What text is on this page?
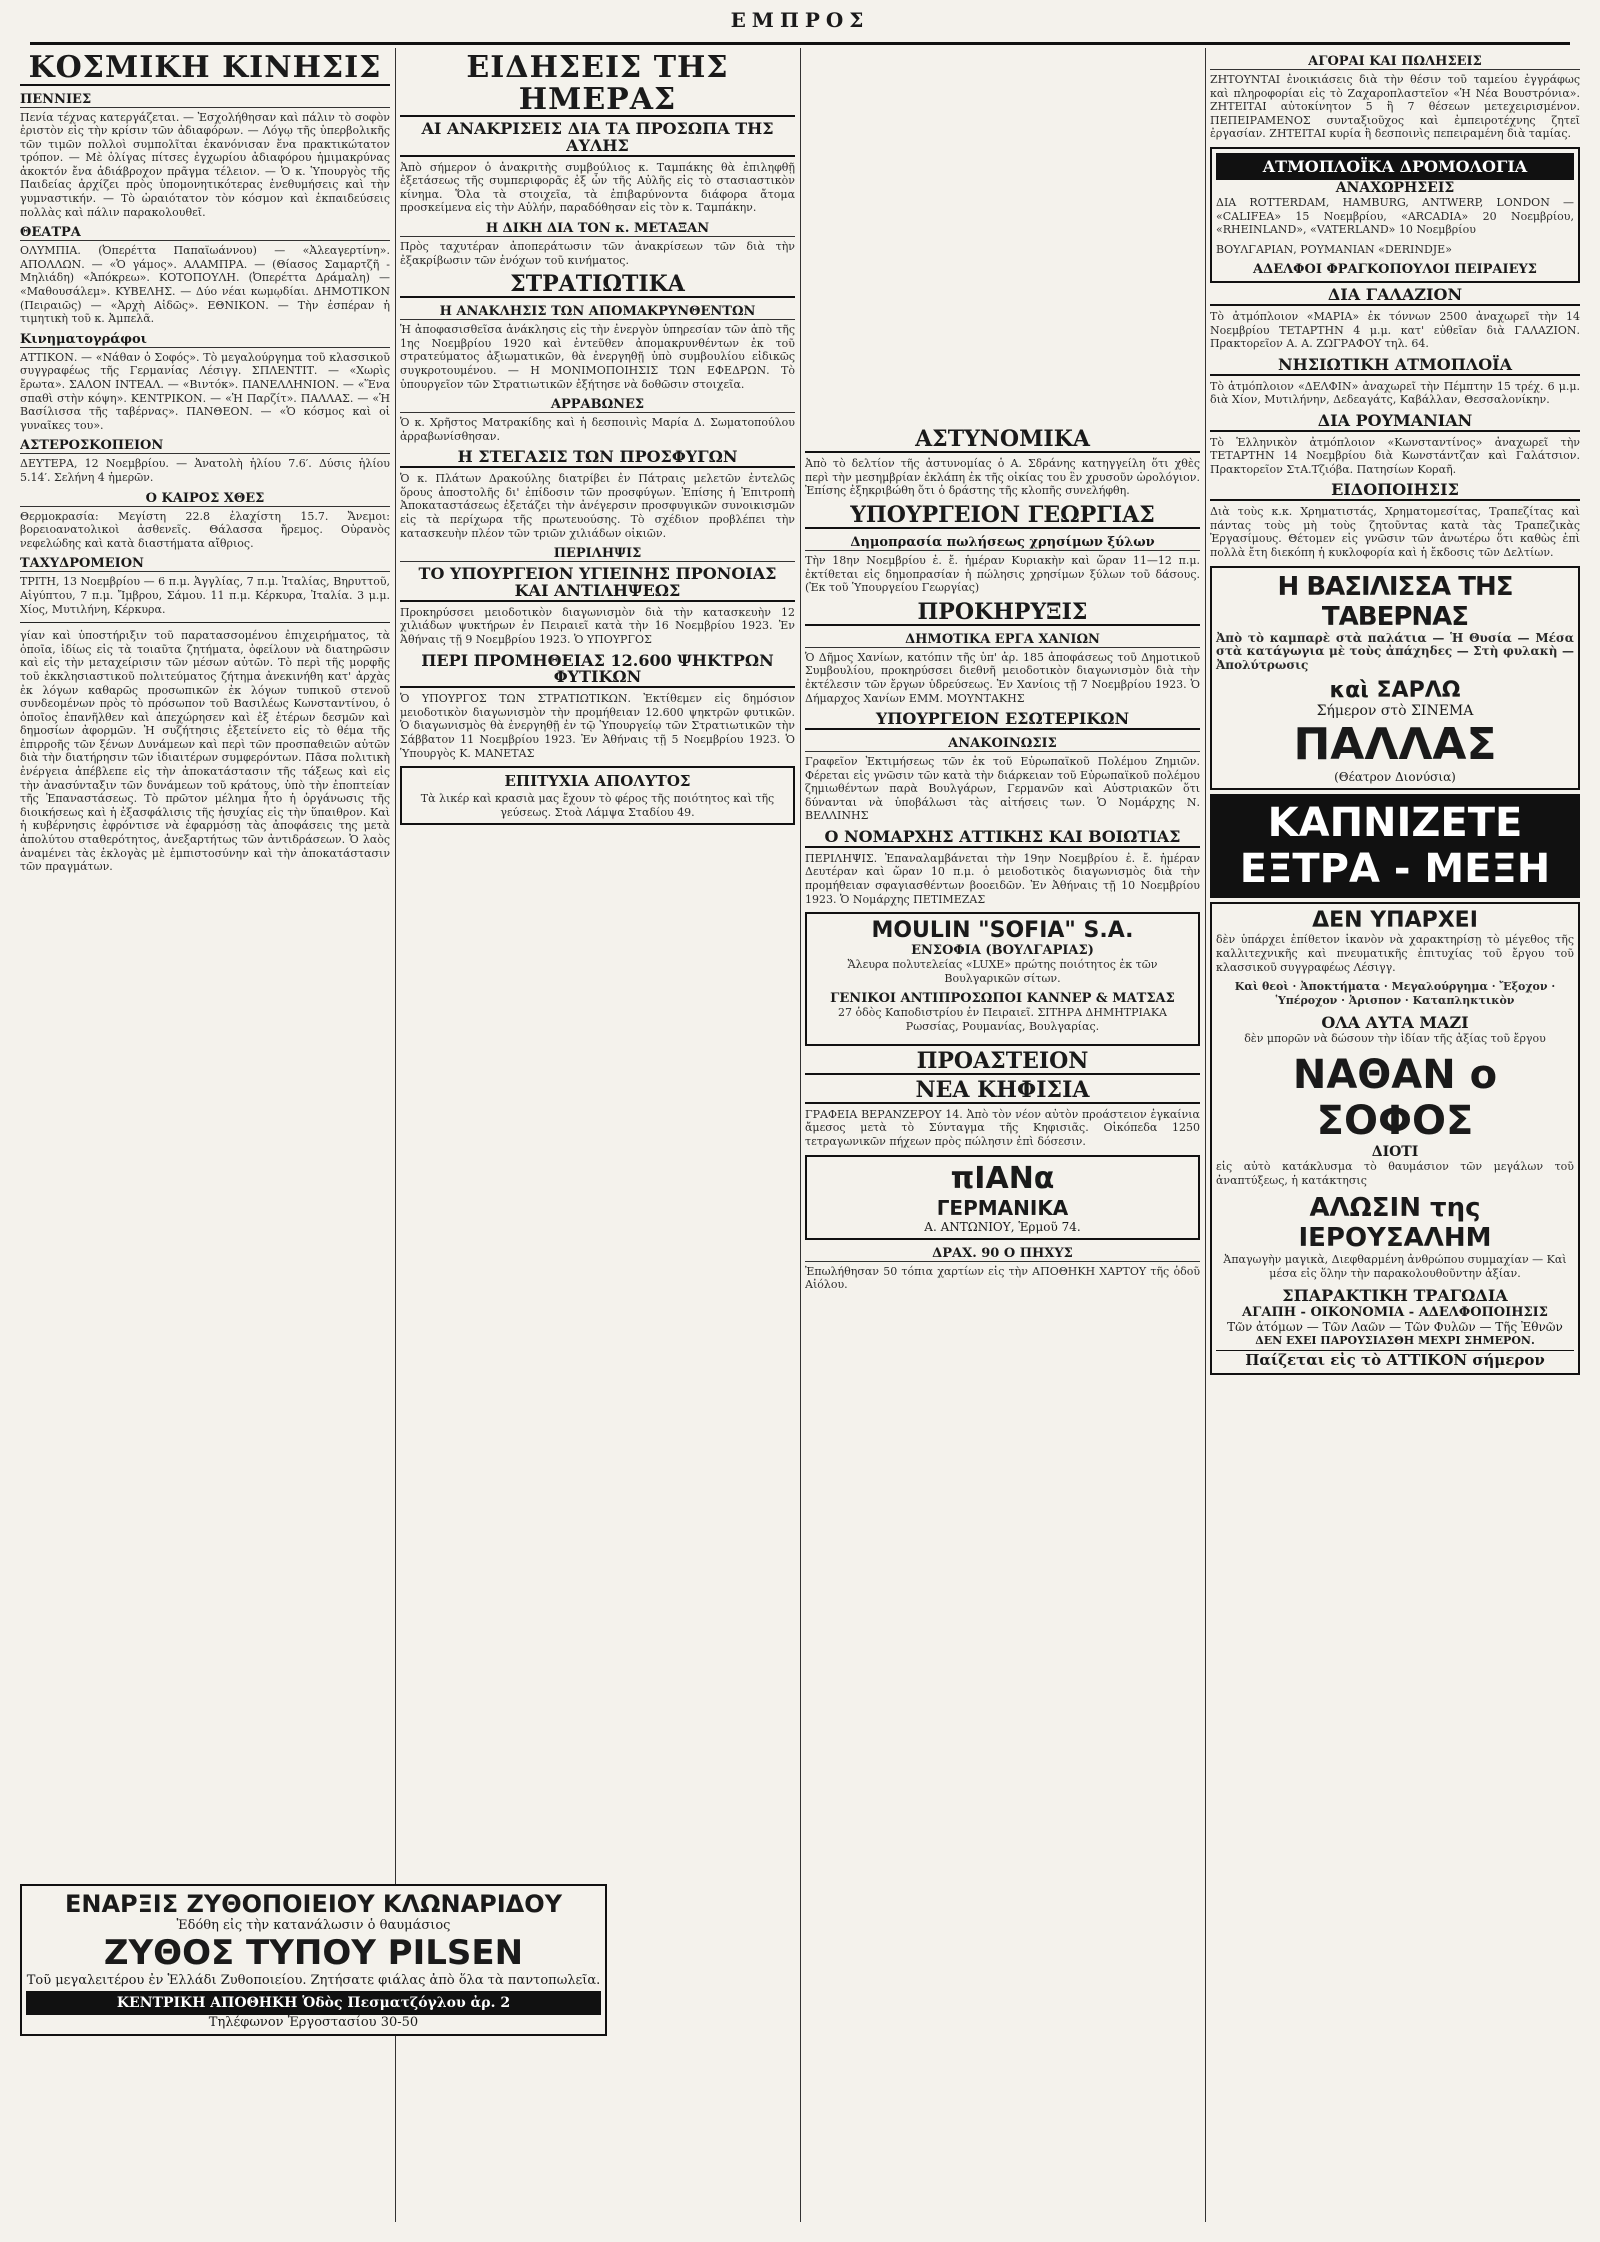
ΕΜΠΡΟΣ
ΚΟΣΜΙΚΗ ΚΙΝΗΣΙΣ
ΠΕΝΝΙΕΣ

Πενία τέχνας κατεργάζεται. — Ἐσχολήθησαν καὶ πάλιν τὸ σοφὸν ἐριστὸν εἰς τὴν κρίσιν τῶν ἀδιαφόρων. — Λόγῳ τῆς ὑπερβολικῆς τῶν τιμῶν πολλοὶ συμπολῖται ἐκανόνισαν ἕνα πρακτικώτατον τρόπον. — Μὲ ὀλίγας πίτσες ἐγχωρίου ἀδιαφόρου ἡμιμακρύνας ἀκοκτόν ἔνα ἀδιάβροχον πρᾶγμα τέλειον. — Ὁ κ. Ὑπουργὸς τῆς Παιδείας ἀρχίζει πρὸς ὑπομονητικότερας ἐνεθυμήσεις καὶ τὴν γυμναστικήν. — Τὸ ὡραιότατον τὸν κόσμον καὶ ἐκπαιδεύσεις πολλὰς καὶ πάλιν παρακολουθεῖ.

ΘΕΑΤΡΑ

ΟΛΥΜΠΙΑ. (Ὀπερέττα Παπαϊωάννου) — «Ἀλεαγερτίνη». ΑΠΟΛΛΩΝ. — «Ὁ γάμος». ΑΛΑΜΠΡΑ. — (Θίασος Σαμαρτζῆ - Μηλιάδη) «Ἀπόκρεω». ΚΟΤΟΠΟΥΛΗ. (Ὀπερέττα Δράμαλη) — «Μαθουσάλεμ». ΚΥΒΕΛΗΣ. — Δύο νέαι κωμῳδίαι. ΔΗΜΟΤΙΚΟΝ (Πειραιῶς) — «Ἀρχὴ Αἰδῶς». ΕΘΝΙΚΟΝ. — Τὴν ἐσπέραν ἡ τιμητικὴ τοῦ κ. Ἀμπελᾶ.

Κινηματογράφοι

ΑΤΤΙΚΟΝ. — «Νάθαν ὁ Σοφός». Τὸ μεγαλούργημα τοῦ κλασσικοῦ συγγραφέως τῆς Γερμανίας Λέσιγγ. ΣΠΛΕΝΤΙΤ. — «Χωρὶς ἔρωτα». ΣΑΛΟΝ ΙΝΤΕΑΛ. — «Βιντόκ». ΠΑΝΕΛΛΗΝΙΟΝ. — «Ἕνα σπαθὶ στὴν κόψη». ΚΕΝΤΡΙΚΟΝ. — «Ἡ Παρζίτ». ΠΑΛΛΑΣ. — «Ἡ Βασίλισσα τῆς ταβέρνας». ΠΑΝΘΕΟΝ. — «Ὁ κόσμος καὶ οἱ γυναῖκες του».

ΑΣΤΕΡΟΣΚΟΠΕΙΟΝ

ΔΕΥΤΕΡΑ, 12 Νοεμβρίου. — Ἀνατολὴ ἡλίου 7.6′. Δύσις ἡλίου 5.14′. Σελήνη 4 ἡμερῶν.

Ο ΚΑΙΡΟΣ ΧΘΕΣ

Θερμοκρασία: Μεγίστη 22.8 ἐλαχίστη 15.7. Ἄνεμοι: βορειοανατολικοὶ ἀσθενεῖς. Θάλασσα ἤρεμος. Οὐρανὸς νεφελώδης καὶ κατὰ διαστήματα αἴθριος.

ΤΑΧΥΔΡΟΜΕΙΟΝ

ΤΡΙΤΗ, 13 Νοεμβρίου — 6 π.μ. Ἀγγλίας, 7 π.μ. Ἰταλίας, Βηρυττοῦ, Αἰγύπτου, 7 π.μ. Ἴμβρου, Σάμου. 11 π.μ. Κέρκυρα, Ἰταλία. 3 μ.μ. Χίος, Μυτιλήνη, Κέρκυρα.

γίαν καὶ ὑποστήριξιν τοῦ παρατασσομένου ἐπιχειρήματος, τὰ ὁποῖα, ἰδίως εἰς τὰ τοιαῦτα ζητήματα, ὀφείλουν νὰ διατηρῶσιν καὶ εἰς τὴν μεταχείρισιν τῶν μέσων αὐτῶν. Τὸ περὶ τῆς μορφῆς τοῦ ἐκκλησιαστικοῦ πολιτεύματος ζήτημα ἀνεκινήθη κατ' ἀρχὰς ἐκ λόγων καθαρῶς προσωπικῶν ἐκ λόγων τυπικοῦ στενοῦ συνδεομένων πρὸς τὸ πρόσωπον τοῦ Βασιλέως Κωνσταντίνου, ὁ ὁποῖος ἐπανῆλθεν καὶ ἀπεχώρησεν καὶ ἐξ ἑτέρων δεσμῶν καὶ δημοσίων ἀφορμῶν. Ἡ συζήτησις ἐξετείνετο εἰς τὸ θέμα τῆς ἐπιρροῆς τῶν ξένων Δυνάμεων καὶ περὶ τῶν προσπαθειῶν αὐτῶν διὰ τὴν διατήρησιν τῶν ἰδιαιτέρων συμφερόντων. Πᾶσα πολιτικὴ ἐνέργεια ἀπέβλεπε εἰς τὴν ἀποκατάστασιν τῆς τάξεως καὶ εἰς τὴν ἀνασύνταξιν τῶν δυνάμεων τοῦ κράτους, ὑπὸ τὴν ἐποπτείαν τῆς Ἐπαναστάσεως. Τὸ πρῶτον μέλημα ἦτο ἡ ὀργάνωσις τῆς διοικήσεως καὶ ἡ ἐξασφάλισις τῆς ἡσυχίας εἰς τὴν ὕπαιθρον. Καὶ ἡ κυβέρνησις ἐφρόντισε νὰ ἐφαρμόσῃ τὰς ἀποφάσεις της μετὰ ἀπολύτου σταθερότητος, ἀνεξαρτήτως τῶν ἀντιδράσεων. Ὁ λαὸς ἀναμένει τὰς ἐκλογὰς μὲ ἐμπιστοσύνην καὶ τὴν ἀποκατάστασιν τῶν πραγμάτων.

ΕΙΔΗΣΕΙΣ ΤΗΣ ΗΜΕΡΑΣ
ΑΙ ΑΝΑΚΡΙΣΕΙΣ ΔΙΑ ΤΑ ΠΡΟΣΩΠΑ ΤΗΣ ΑΥΛΗΣ

Ἀπὸ σήμερον ὁ ἀνακριτὴς συμβούλιος κ. Ταμπάκης θὰ ἐπιληφθῇ ἐξετάσεως τῆς συμπεριφορᾶς ἐξ ὧν τῆς Αὐλῆς εἰς τὸ στασιαστικὸν κίνημα. Ὅλα τὰ στοιχεῖα, τὰ ἐπιβαρύνοντα διάφορα ἄτομα προσκείμενα εἰς τὴν Αὐλήν, παραδόθησαν εἰς τὸν κ. Ταμπάκην.

Η ΔΙΚΗ ΔΙΑ ΤΟΝ κ. ΜΕΤΑΞΑΝ

Πρὸς ταχυτέραν ἀποπεράτωσιν τῶν ἀνακρίσεων τῶν διὰ τὴν ἐξακρίβωσιν τῶν ἐνόχων τοῦ κινήματος.

ΣΤΡΑΤΙΩΤΙΚΑ
Η ΑΝΑΚΛΗΣΙΣ ΤΩΝ ΑΠΟΜΑΚΡΥΝΘΕΝΤΩΝ

Ἡ ἀποφασισθεῖσα ἀνάκλησις εἰς τὴν ἐνεργὸν ὑπηρεσίαν τῶν ἀπὸ τῆς 1ης Νοεμβρίου 1920 καὶ ἐντεῦθεν ἀπομακρυνθέντων ἐκ τοῦ στρατεύματος ἀξιωματικῶν, θὰ ἐνεργηθῇ ὑπὸ συμβουλίου εἰδικῶς συγκροτουμένου. — Η ΜΟΝΙΜΟΠΟΙΗΣΙΣ ΤΩΝ ΕΦΕΔΡΩΝ. Τὸ ὑπουργεῖον τῶν Στρατιωτικῶν ἐξήτησε νὰ δοθῶσιν στοιχεῖα.

ΑΡΡΑΒΩΝΕΣ

Ὁ κ. Χρῆστος Ματρακίδης καὶ ἡ δεσποινὶς Μαρία Δ. Σωματοπούλου ἀρραβωνίσθησαν.

Η ΣΤΕΓΑΣΙΣ ΤΩΝ ΠΡΟΣΦΥΓΩΝ

Ὁ κ. Πλάτων Δρακούλης διατρίβει ἐν Πάτραις μελετῶν ἐντελῶς ὅρους ἀποστολῆς δι' ἐπίδοσιν τῶν προσφύγων. Ἐπίσης ἡ Ἐπιτροπὴ Ἀποκαταστάσεως ἐξετάζει τὴν ἀνέγερσιν προσφυγικῶν συνοικισμῶν εἰς τὰ περίχωρα τῆς πρωτευούσης. Τὸ σχέδιον προβλέπει τὴν κατασκευὴν πλέον τῶν τριῶν χιλιάδων οἰκιῶν.

ΠΕΡΙΛΗΨΙΣ
ΤΟ ΥΠΟΥΡΓΕΙΟΝ ΥΓΙΕΙΝΗΣ ΠΡΟΝΟΙΑΣ ΚΑΙ ΑΝΤΙΛΗΨΕΩΣ

Προκηρύσσει μειοδοτικὸν διαγωνισμὸν διὰ τὴν κατασκευὴν 12 χιλιάδων ψυκτήρων ἐν Πειραιεῖ κατὰ τὴν 16 Νοεμβρίου 1923. Ἐν Ἀθήναις τῇ 9 Νοεμβρίου 1923. Ὁ ΥΠΟΥΡΓΟΣ

ΠΕΡΙ ΠΡΟΜΗΘΕΙΑΣ 12.600 ΨΗΚΤΡΩΝ ΦΥΤΙΚΩΝ

Ὁ ΥΠΟΥΡΓΟΣ ΤΩΝ ΣΤΡΑΤΙΩΤΙΚΩΝ. Ἐκτίθεμεν εἰς δημόσιον μειοδοτικὸν διαγωνισμὸν τὴν προμήθειαν 12.600 ψηκτρῶν φυτικῶν. Ὁ διαγωνισμὸς θὰ ἐνεργηθῇ ἐν τῷ Ὑπουργείῳ τῶν Στρατιωτικῶν τὴν Σάββατον 11 Νοεμβρίου 1923. Ἐν Ἀθήναις τῇ 5 Νοεμβρίου 1923. Ὁ Ὑπουργὸς Κ. ΜΑΝΕΤΑΣ

ΕΠΙΤΥΧΙΑ ΑΠΟΛΥΤΟΣ

Τὰ λικέρ καὶ κρασιὰ μας ἔχουν τὸ φέρος τῆς ποιότητος καὶ τῆς γεύσεως. Στοὰ Λάμψα Σταδίου 49.

ΑΣΤΥΝΟΜΙΚΑ

Ἀπὸ τὸ δελτίον τῆς ἀστυνομίας ὁ Α. Σδράνης κατηγγείλη ὅτι χθὲς περὶ τὴν μεσημβρίαν ἐκλάπη ἐκ τῆς οἰκίας του ἓν χρυσοῦν ὡρολόγιον. Ἐπίσης ἐξηκριβώθη ὅτι ὁ δράστης τῆς κλοπῆς συνελήφθη.

ΥΠΟΥΡΓΕΙΟΝ ΓΕΩΡΓΙΑΣ
Δημοπρασία πωλήσεως χρησίμων ξύλων

Τὴν 18ην Νοεμβρίου ἐ. ἔ. ἡμέραν Κυριακὴν καὶ ὥραν 11—12 π.μ. ἐκτίθεται εἰς δημοπρασίαν ἡ πώλησις χρησίμων ξύλων τοῦ δάσους. (Ἐκ τοῦ Ὑπουργείου Γεωργίας)

ΠΡΟΚΗΡΥΞΙΣ
ΔΗΜΟΤΙΚΑ ΕΡΓΑ ΧΑΝΙΩΝ

Ὁ Δῆμος Χανίων, κατόπιν τῆς ὑπ' ἀρ. 185 ἀποφάσεως τοῦ Δημοτικοῦ Συμβουλίου, προκηρύσσει διεθνῆ μειοδοτικὸν διαγωνισμὸν διὰ τὴν ἐκτέλεσιν τῶν ἔργων ὑδρεύσεως. Ἐν Χανίοις τῇ 7 Νοεμβρίου 1923. Ὁ Δήμαρχος Χανίων ΕΜΜ. ΜΟΥΝΤΑΚΗΣ

ΥΠΟΥΡΓΕΙΟΝ ΕΣΩΤΕΡΙΚΩΝ
ΑΝΑΚΟΙΝΩΣΙΣ

Γραφεῖον Ἐκτιμήσεως τῶν ἐκ τοῦ Εὐρωπαϊκοῦ Πολέμου Ζημιῶν. Φέρεται εἰς γνῶσιν τῶν κατὰ τὴν διάρκειαν τοῦ Εὐρωπαϊκοῦ πολέμου ζημιωθέντων παρὰ Βουλγάρων, Γερμανῶν καὶ Αὐστριακῶν ὅτι δύνανται νὰ ὑποβάλωσι τὰς αἰτήσεις των. Ὁ Νομάρχης Ν. ΒΕΛΛΙΝΗΣ

Ο ΝΟΜΑΡΧΗΣ ΑΤΤΙΚΗΣ ΚΑΙ ΒΟΙΩΤΙΑΣ

ΠΕΡΙΛΗΨΙΣ. Ἐπαναλαμβάνεται τὴν 19ην Νοεμβρίου ἐ. ἔ. ἡμέραν Δευτέραν καὶ ὥραν 10 π.μ. ὁ μειοδοτικὸς διαγωνισμὸς διὰ τὴν προμήθειαν σφαγιασθέντων βοοειδῶν. Ἐν Ἀθήναις τῇ 10 Νοεμβρίου 1923. Ὁ Νομάρχης ΠΕΤΙΜΕΖΑΣ

MOULIN "SOFIA" S.A.
ΕΝΣΟΦΙΑ (ΒΟΥΛΓΑΡΙΑΣ)

Ἄλευρα πολυτελείας «LUXE» πρώτης ποιότητος ἐκ τῶν Βουλγαρικῶν σίτων.

ΓΕΝΙΚΟΙ ΑΝΤΙΠΡΟΣΩΠΟΙ ΚΑΝΝΕΡ & ΜΑΤΣΑΣ

27 ὁδὸς Καποδιστρίου ἐν Πειραιεῖ. ΣΙΤΗΡΑ ΔΗΜΗΤΡΙΑΚΑ Ρωσσίας, Ρουμανίας, Βουλγαρίας.

ΠΡΟΑΣΤΕΙΟΝ
ΝΕΑ ΚΗΦΙΣΙΑ

ΓΡΑΦΕΙΑ ΒΕΡΑΝΖΕΡΟΥ 14. Ἀπὸ τὸν νέον αὐτὸν προάστειον ἐγκαίνια ἄμεσος μετὰ τὸ Σύνταγμα τῆς Κηφισιᾶς. Οἰκόπεδα 1250 τετραγωνικῶν πήχεων πρὸς πώλησιν ἐπὶ δόσεσιν.

πΙΑΝα
ΓΕΡΜΑΝΙΚΑ
Α. ΑΝΤΩΝΙΟΥ, Ἑρμοῦ 74.
ΔΡΑΧ. 90 Ο ΠΗΧΥΣ

Ἐπωλήθησαν 50 τόπια χαρτίων εἰς τὴν ΑΠΟΘΗΚΗ ΧΑΡΤΟΥ τῆς ὁδοῦ Αἰόλου.

ΑΓΟΡΑΙ ΚΑΙ ΠΩΛΗΣΕΙΣ

ΖΗΤΟΥΝΤΑΙ ἐνοικιάσεις διὰ τὴν θέσιν τοῦ ταμείου ἐγγράφως καὶ πληροφορίαι εἰς τὸ Ζαχαροπλαστεῖον «Ἡ Νέα Βουστρόνια». ΖΗΤΕΙΤΑΙ αὐτοκίνητον 5 ἢ 7 θέσεων μετεχειρισμένον. ΠΕΠΕΙΡΑΜΕΝΟΣ συνταξιοῦχος καὶ ἐμπειροτέχνης ζητεῖ ἐργασίαν. ΖΗΤΕΙΤΑΙ κυρία ἢ δεσποινὶς πεπειραμένη διὰ ταμίας.

ΑΤΜΟΠΛΟΪΚΑ ΔΡΟΜΟΛΟΓΙΑ
ΑΝΑΧΩΡΗΣΕΙΣ

ΔΙΑ ROTTERDAM, HAMBURG, ANTWERP, LONDON — «CALIFEA» 15 Νοεμβρίου, «ARCADIA» 20 Νοεμβρίου, «RHEINLAND», «VATERLAND» 10 Νοεμβρίου

ΒΟΥΛΓΑΡΙΑΝ, ΡΟΥΜΑΝΙΑΝ «DERINDJE»

ΑΔΕΛΦΟΙ ΦΡΑΓΚΟΠΟΥΛΟΙ ΠΕΙΡΑΙΕΥΣ
ΔΙΑ ΓΑΛΑΖΙΟΝ

Τὸ ἀτμόπλοιον «ΜΑΡΙΑ» ἐκ τόννων 2500 ἀναχωρεῖ τὴν 14 Νοεμβρίου ΤΕΤΑΡΤΗΝ 4 μ.μ. κατ' εὐθεῖαν διὰ ΓΑΛΑΖΙΟΝ. Πρακτορεῖον Α. Α. ΖΩΓΡΑΦΟΥ τηλ. 64.

ΝΗΣΙΩΤΙΚΗ ΑΤΜΟΠΛΟΪΑ

Τὸ ἀτμόπλοιον «ΔΕΛΦΙΝ» ἀναχωρεῖ τὴν Πέμπτην 15 τρέχ. 6 μ.μ. διὰ Χίον, Μυτιλήνην, Δεδεαγάτς, Καβάλλαν, Θεσσαλονίκην.

ΔΙΑ ΡΟΥΜΑΝΙΑΝ

Τὸ Ἑλληνικὸν ἀτμόπλοιον «Κωνσταντίνος» ἀναχωρεῖ τὴν ΤΕΤΑΡΤΗΝ 14 Νοεμβρίου διὰ Κωνστάντζαν καὶ Γαλάτσιον. Πρακτορεῖον ΣτΑ.Τζιόβα. Πατησίων Κοραῆ.

ΕΙΔΟΠΟΙΗΣΙΣ

Διὰ τοὺς κ.κ. Χρηματιστάς, Χρηματομεσίτας, Τραπεζίτας καὶ πάντας τοὺς μὴ τοὺς ζητοῦντας κατὰ τὰς Τραπεζικὰς Ἐργασίμους. Θέτομεν εἰς γνῶσιν τῶν ἀνωτέρω ὅτι καθὼς ἐπὶ πολλὰ ἔτη διεκόπη ἡ κυκλοφορία καὶ ἡ ἔκδοσις τῶν Δελτίων.

Η ΒΑΣΙΛΙΣΣΑ ΤΗΣ ΤΑΒΕΡΝΑΣ

Ἀπὸ τὸ καμπαρὲ στὰ παλάτια — Ἡ Θυσία — Μέσα στὰ κατάγωγια μὲ τοὺς ἀπάχηδες — Στὴ φυλακὴ — Ἀπολύτρωσις

καὶ ΣΑΡΛΩ
Σήμερον στὸ ΣΙΝΕΜΑ
ΠΑΛΛΑΣ
(Θέατρον Διονύσια)
ΚΑΠΝΙΖΕΤΕ
ΕΞΤΡΑ - ΜΕΞΗ
ΔΕΝ ΥΠΑΡΧΕΙ

δὲν ὑπάρχει ἐπίθετον ἱκανὸν νὰ χαρακτηρίσῃ τὸ μέγεθος τῆς καλλιτεχνικῆς καὶ πνευματικῆς ἐπιτυχίας τοῦ ἔργου τοῦ κλασσικοῦ συγγραφέως Λέσιγγ.

Καὶ θεοὶ · Ἀποκτήματα · Μεγαλούργημα · Ἔξοχον · Ὑπέροχον · Ἀρισπον · Καταπληκτικὸν

ΟΛΑ ΑΥΤΑ ΜΑΖΙ

δὲν μπορῶν νὰ δώσουν τὴν ἰδίαν τῆς ἀξίας τοῦ ἔργου

ΝΑΘΑΝ ο ΣΟΦΟΣ
ΔΙΟΤΙ

εἰς αὐτὸ κατάκλυσμα τὸ θαυμάσιον τῶν μεγάλων τοῦ ἀναπτύξεως, ἡ κατάκτησις

ΑΛΩΣΙΝ της ΙΕΡΟΥΣΑΛΗΜ

Ἀπαγωγὴν μαγικὰ, Διεφθαρμένη ἀνθρώπου συμμαχίαν — Καὶ μέσα εἰς ὅλην τὴν παρακολουθοῦντην ἀξίαν.

ΣΠΑΡΑΚΤΙΚΗ ΤΡΑΓΩΔΙΑ
ΑΓΑΠΗ - ΟΙΚΟΝΟΜΙΑ - ΑΔΕΛΦΟΠΟΙΗΣΙΣ
Τῶν ἀτόμων — Τῶν Λαῶν — Τῶν Φυλῶν — Τῆς Ἐθνῶν
ΔΕΝ ΕΧΕΙ ΠΑΡΟΥΣΙΑΣΘΗ ΜΕΧΡΙ ΣΗΜΕΡΟΝ.
Παίζεται εἰς τὸ ΑΤΤΙΚΟΝ σήμερον
ΕΝΑΡΞΙΣ ΖΥΘΟΠΟΙΕΙΟΥ ΚΛΩΝΑΡΙΔΟΥ
Ἐδόθη εἰς τὴν κατανάλωσιν ὁ θαυμάσιος
ΖΥΘΟΣ ΤΥΠΟΥ PILSEN
Τοῦ μεγαλειτέρου ἐν Ἑλλάδι Ζυθοποιείου. Ζητήσατε φιάλας ἀπὸ ὅλα τὰ παντοπωλεῖα.
ΚΕΝΤΡΙΚΗ ΑΠΟΘΗΚΗ Ὁδὸς Πεσματζόγλου ἀρ. 2
Τηλέφωνον Ἐργοστασίου 30-50
